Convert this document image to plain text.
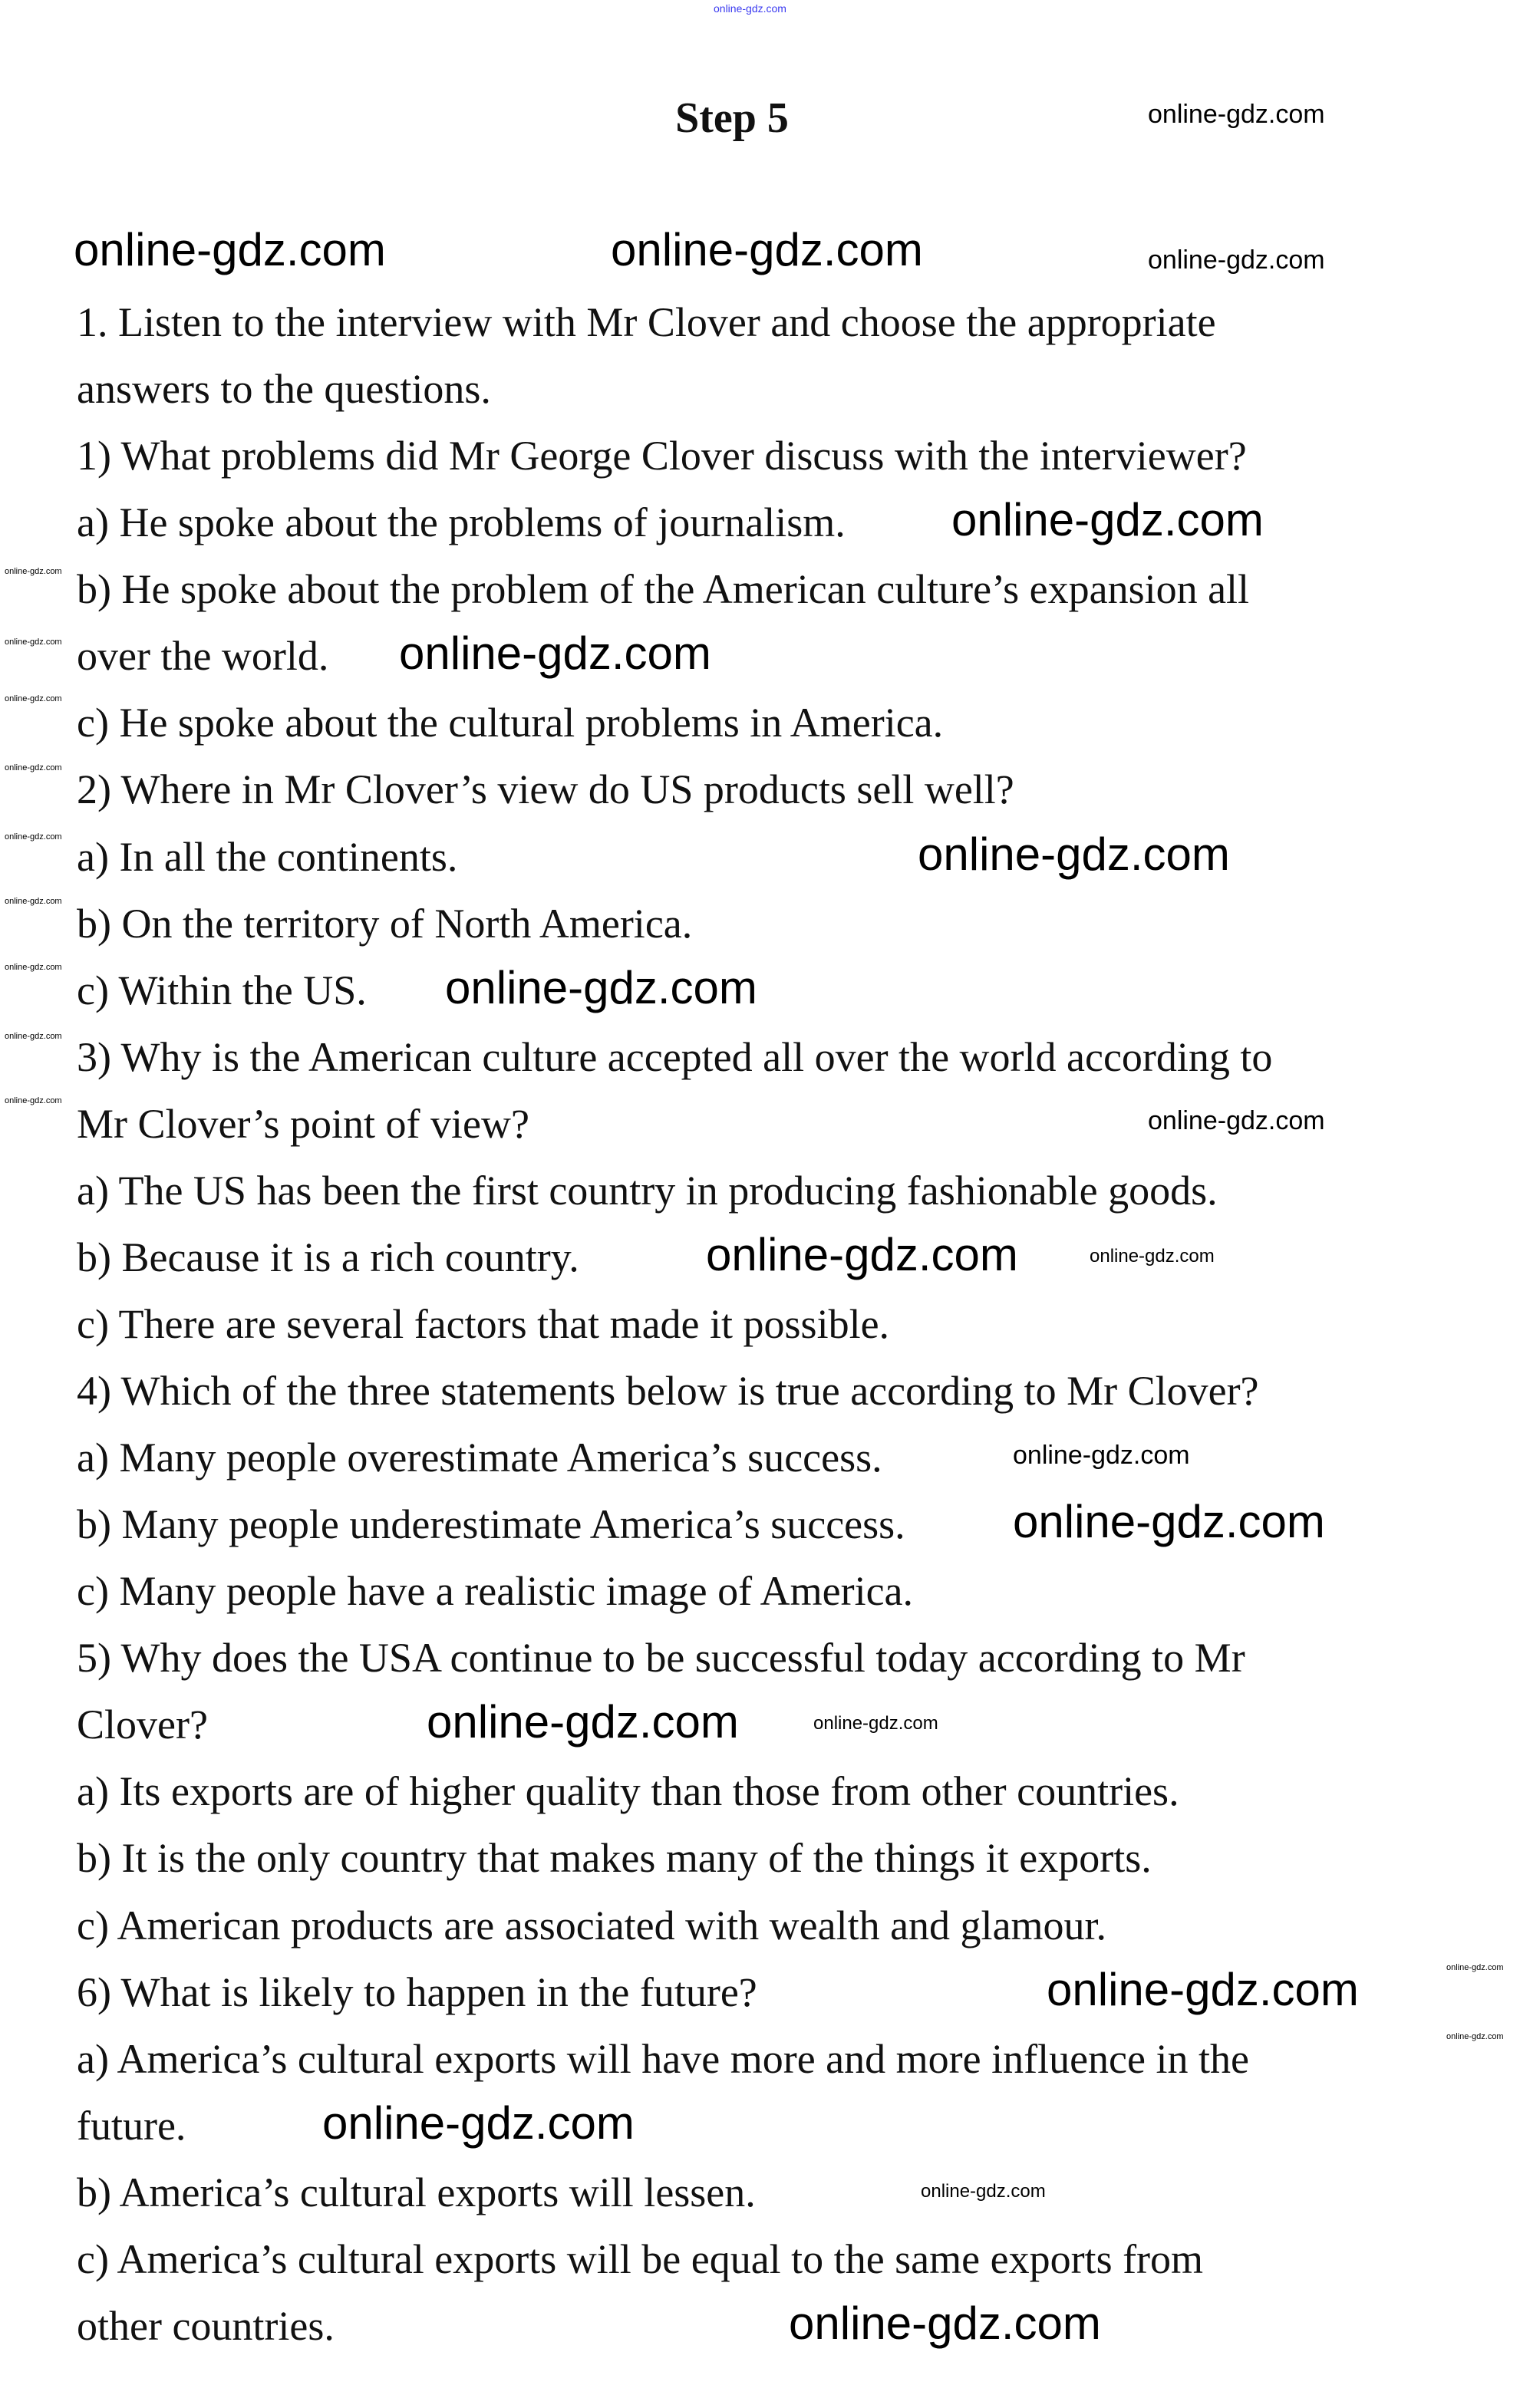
Step 5
1. Listen to the interview with Mr Clover and choose the appropriate
answers to the questions.
1) What problems did Mr George Clover discuss with the interviewer?
a) He spoke about the problems of journalism.
b) He spoke about the problem of the American culture’s expansion all
over the world.
c) He spoke about the cultural problems in America.
2) Where in Mr Clover’s view do US products sell well?
a) In all the continents.
b) On the territory of North America.
c) Within the US.
3) Why is the American culture accepted all over the world according to
Mr Clover’s point of view?
a) The US has been the first country in producing fashionable goods.
b) Because it is a rich country.
c) There are several factors that made it possible.
4) Which of the three statements below is true according to Mr Clover?
a) Many people overestimate America’s success.
b) Many people underestimate America’s success.
c) Many people have a realistic image of America.
5) Why does the USA continue to be successful today according to Mr
Clover?
a) Its exports are of higher quality than those from other countries.
b) It is the only country that makes many of the things it exports.
c) American products are associated with wealth and glamour.
6) What is likely to happen in the future?
a) America’s cultural exports will have more and more influence in the
future.
b) America’s cultural exports will lessen.
c) America’s cultural exports will be equal to the same exports from
other countries.
online-gdz.com
online-gdz.com
online-gdz.com	online-gdz.com	online-gdz.com
online-gdz.com
online-gdz.com
online-gdz.com
online-gdz.com
online-gdz.com
online-gdz.com	online-gdz.com
online-gdz.com
online-gdz.com
online-gdz.com	online-gdz.com
online-gdz.com
online-gdz.com
online-gdz.com
online-gdz.com
online-gdz.com
online-gdz.com
online-gdz.com
online-gdz.com
online-gdz.com
online-gdz.com
online-gdz.com
online-gdz.com
online-gdz.com
online-gdz.com
online-gdz.com
